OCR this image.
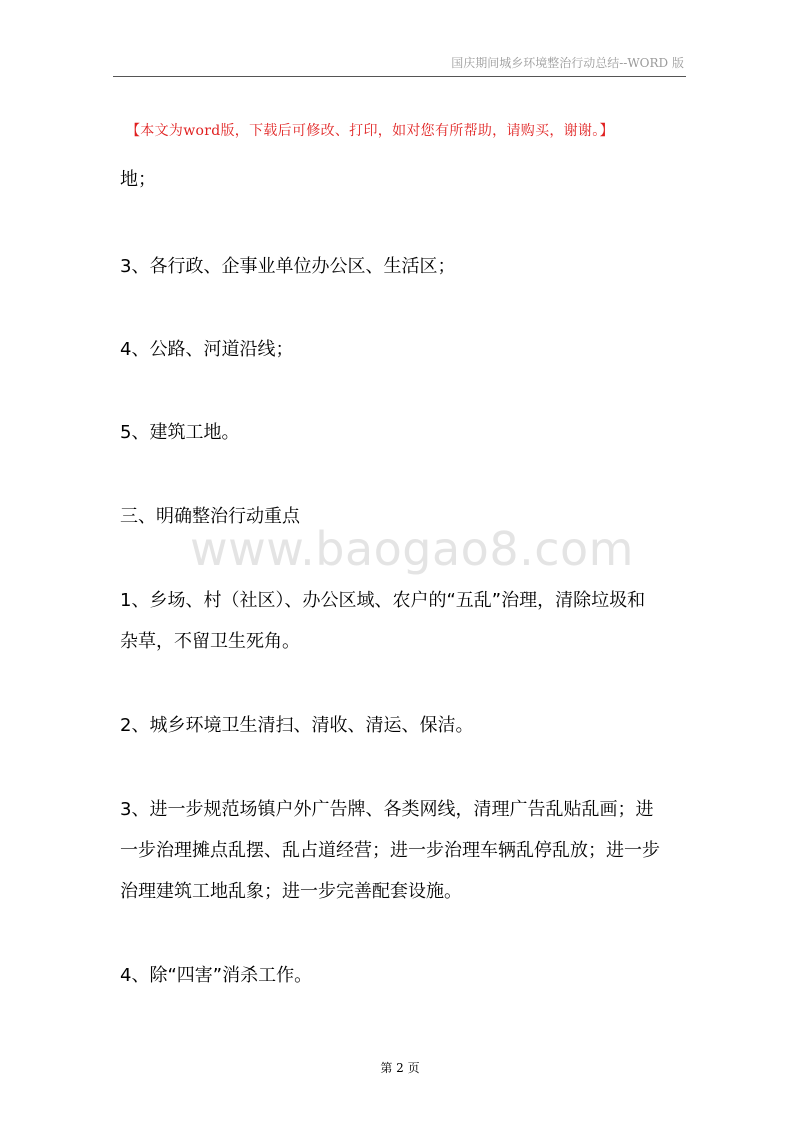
国庆期间城乡环境整治行动总结--WORD 版
【本文为word版，下载后可修改、打印，如对您有所帮助，请购买，谢谢。】
地；
3、各行政、企事业单位办公区、生活区；
4、公路、河道沿线；
5、建筑工地。
三、明确整治行动重点
www.baogao8.com
1、乡场、村（社区）、办公区域、农户的“五乱”治理，清除垃圾和
杂草，不留卫生死角。
2、城乡环境卫生清扫、清收、清运、保洁。
3、进一步规范场镇户外广告牌、各类网线，清理广告乱贴乱画；进
一步治理摊点乱摆、乱占道经营；进一步治理车辆乱停乱放；进一步
治理建筑工地乱象；进一步完善配套设施。
4、除“四害”消杀工作。
第 2 页
